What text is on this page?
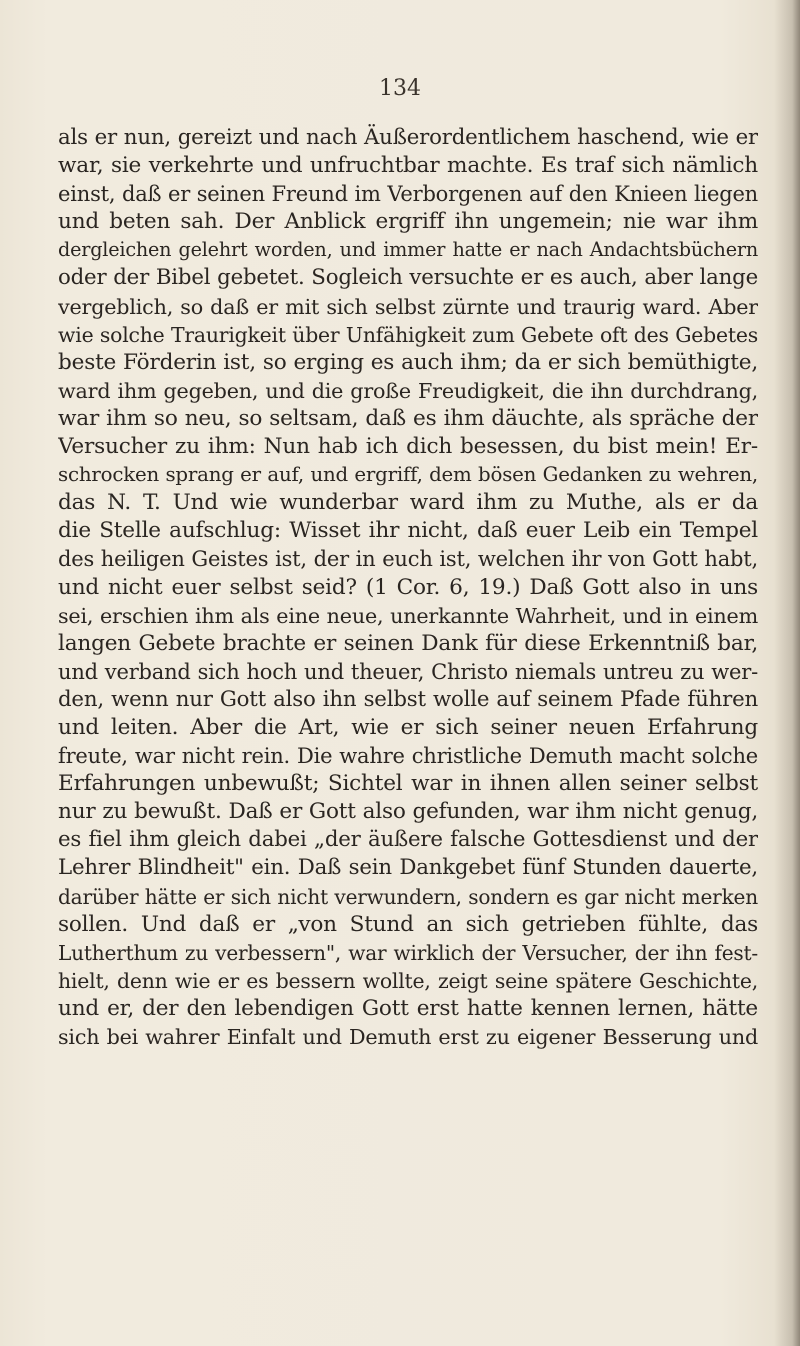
134
als er nun, gereizt und nach Äußerordentlichem haschend, wie er
war, sie verkehrte und unfruchtbar machte. Es traf sich nämlich
einst, daß er seinen Freund im Verborgenen auf den Knieen liegen
und beten sah. Der Anblick ergriff ihn ungemein; nie war ihm
dergleichen gelehrt worden, und immer hatte er nach Andachtsbüchern
oder der Bibel gebetet. Sogleich versuchte er es auch, aber lange
vergeblich, so daß er mit sich selbst zürnte und traurig ward. Aber
wie solche Traurigkeit über Unfähigkeit zum Gebete oft des Gebetes
beste Förderin ist, so erging es auch ihm; da er sich bemüthigte,
ward ihm gegeben, und die große Freudigkeit, die ihn durchdrang,
war ihm so neu, so seltsam, daß es ihm däuchte, als spräche der
Versucher zu ihm: Nun hab ich dich besessen, du bist mein! Er-
schrocken sprang er auf, und ergriff, dem bösen Gedanken zu wehren,
das N. T. Und wie wunderbar ward ihm zu Muthe, als er da
die Stelle aufschlug: Wisset ihr nicht, daß euer Leib ein Tempel
des heiligen Geistes ist, der in euch ist, welchen ihr von Gott habt,
und nicht euer selbst seid? (1 Cor. 6, 19.) Daß Gott also in uns
sei, erschien ihm als eine neue, unerkannte Wahrheit, und in einem
langen Gebete brachte er seinen Dank für diese Erkenntniß bar,
und verband sich hoch und theuer, Christo niemals untreu zu wer-
den, wenn nur Gott also ihn selbst wolle auf seinem Pfade führen
und leiten. Aber die Art, wie er sich seiner neuen Erfahrung
freute, war nicht rein. Die wahre christliche Demuth macht solche
Erfahrungen unbewußt; Sichtel war in ihnen allen seiner selbst
nur zu bewußt. Daß er Gott also gefunden, war ihm nicht genug,
es fiel ihm gleich dabei „der äußere falsche Gottesdienst und der
Lehrer Blindheit" ein. Daß sein Dankgebet fünf Stunden dauerte,
darüber hätte er sich nicht verwundern, sondern es gar nicht merken
sollen. Und daß er „von Stund an sich getrieben fühlte, das
Lutherthum zu verbessern", war wirklich der Versucher, der ihn fest-
hielt, denn wie er es bessern wollte, zeigt seine spätere Geschichte,
und er, der den lebendigen Gott erst hatte kennen lernen, hätte
sich bei wahrer Einfalt und Demuth erst zu eigener Besserung und
